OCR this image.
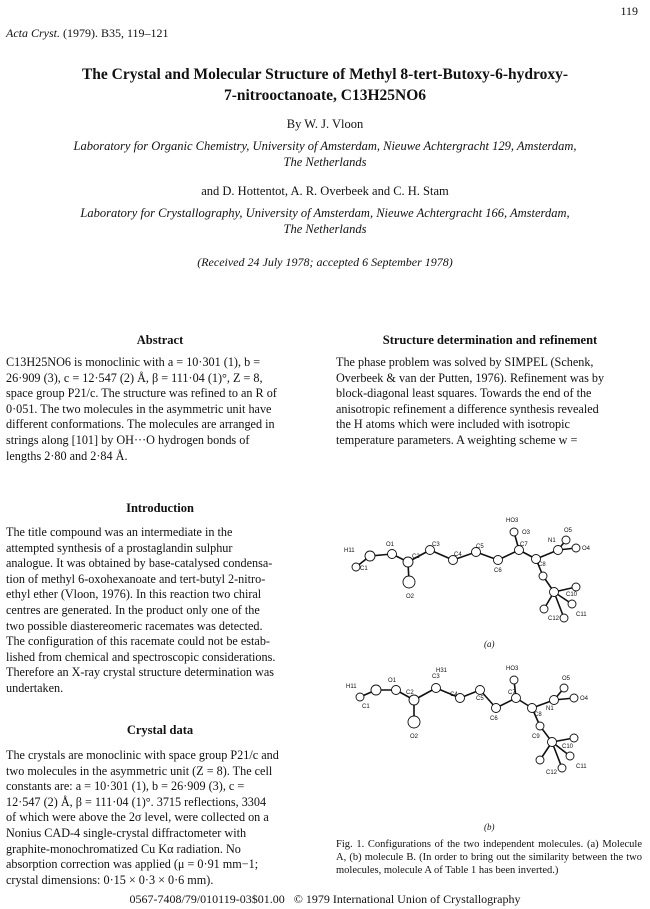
119
Acta Cryst. (1979). B35, 119–121
The Crystal and Molecular Structure of Methyl 8-tert-Butoxy-6-hydroxy-
7-nitrooctanoate, C13H25NO6
By W. J. Vloon
Laboratory for Organic Chemistry, University of Amsterdam, Nieuwe Achtergracht 129, Amsterdam,
The Netherlands
and D. Hottentot, A. R. Overbeek and C. H. Stam
Laboratory for Crystallography, University of Amsterdam, Nieuwe Achtergracht 166, Amsterdam,
The Netherlands
(Received 24 July 1978; accepted 6 September 1978)
Abstract
C13H25NO6 is monoclinic with a = 10·301 (1), b =
26·909 (3), c = 12·547 (2) Å, β = 111·04 (1)°, Z = 8,
space group P21/c. The structure was refined to an R of
0·051. The two molecules in the asymmetric unit have
different conformations. The molecules are arranged in
strings along [101] by OH···O hydrogen bonds of
lengths 2·80 and 2·84 Å.
Introduction
The title compound was an intermediate in the
attempted synthesis of a prostaglandin sulphur
analogue. It was obtained by base-catalysed condensa-
tion of methyl 6-oxohexanoate and tert-butyl 2-nitro-
ethyl ether (Vloon, 1976). In this reaction two chiral
centres are generated. In the product only one of the
two possible diastereomeric racemates was detected.
The configuration of this racemate could not be estab-
lished from chemical and spectroscopic considerations.
Therefore an X-ray crystal structure determination was
undertaken.
Crystal data
The crystals are monoclinic with space group P21/c and
two molecules in the asymmetric unit (Z = 8). The cell
constants are: a = 10·301 (1), b = 26·909 (3), c =
12·547 (2) Å, β = 111·04 (1)°. 3715 reflections, 3304
of which were above the 2σ level, were collected on a
Nonius CAD-4 single-crystal diffractometer with
graphite-monochromatized Cu Kα radiation. No
absorption correction was applied (μ = 0·91 mm−1;
crystal dimensions: 0·15 × 0·3 × 0·6 mm).
Structure determination and refinement
The phase problem was solved by SIMPEL (Schenk,
Overbeek & van der Putten, 1976). Refinement was by
block-diagonal least squares. Towards the end of the
anisotropic refinement a difference synthesis revealed
the H atoms which were included with isotropic
temperature parameters. A weighting scheme w =
H11
C1
O1
C2
O2
C3
C4
C5
C6
C7
C8
N1
HO3
O3
O4
O5
C10
C12
C11
(a)
H11
C1
O1
C2
O2
C3
H31
C4
C5
C6
C7
C8
N1
HO3
O4
O5
C9
C10
C11
C12
(b)
Fig. 1. Configurations of the two independent molecules. (a) Molecule A, (b) molecule B. (In order to bring out the similarity between the two molecules, molecule A of Table 1 has been inverted.)
0567-7408/79/010119-03$01.00 © 1979 International Union of Crystallography
